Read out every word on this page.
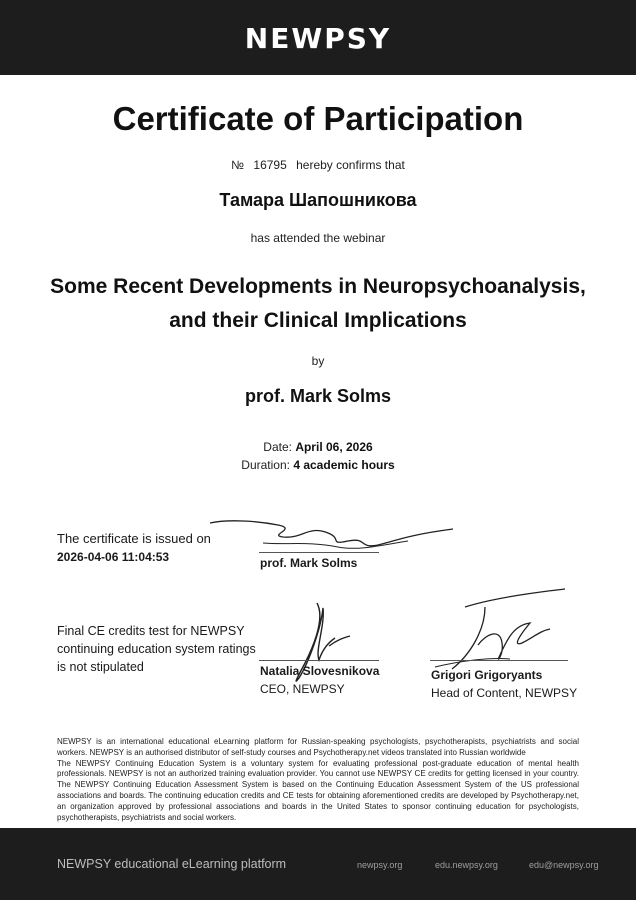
NEWPSY
Certificate of Participation
№ 16795 hereby confirms that
Тамара Шапошникова
has attended the webinar
Some Recent Developments in Neuropsychoanalysis,
and their Clinical Implications
by
prof. Mark Solms
Date: April 06, 2026
Duration: 4 academic hours
The certificate is issued on
2026-04-06 11:04:53	prof. Mark Solms
Final CE credits test for NEWPSY
continuing education system ratings
is not stipulated	Natalia Slovesnikova
CEO, NEWPSY
Grigori Grigoryants
Head of Content, NEWPSY

NEWPSY is an international educational eLearning platform for Russian-speaking psychologists, psychotherapists, psychiatrists and social workers. NEWPSY is an authorised distributor of self-study courses and Psychotherapy.net videos translated into Russian worldwide

The NEWPSY Continuing Education System is a voluntary system for evaluating professional post-graduate education of mental health professionals. NEWPSY is not an authorized training evaluation provider. You cannot use NEWPSY CE credits for getting licensed in your country. The NEWPSY Continuing Education Assessment System is based on the Continuing Education Assessment System of the US professional associations and boards. The continuing education credits and CE tests for obtaining aforementioned credits are developed by Psychotherapy.net, an organization approved by professional associations and boards in the United States to sponsor continuing education for psychologists, psychotherapists, psychiatrists and social workers.

NEWPSY educational eLearning platform	newpsy.org	edu.newpsy.org	edu@newpsy.org
